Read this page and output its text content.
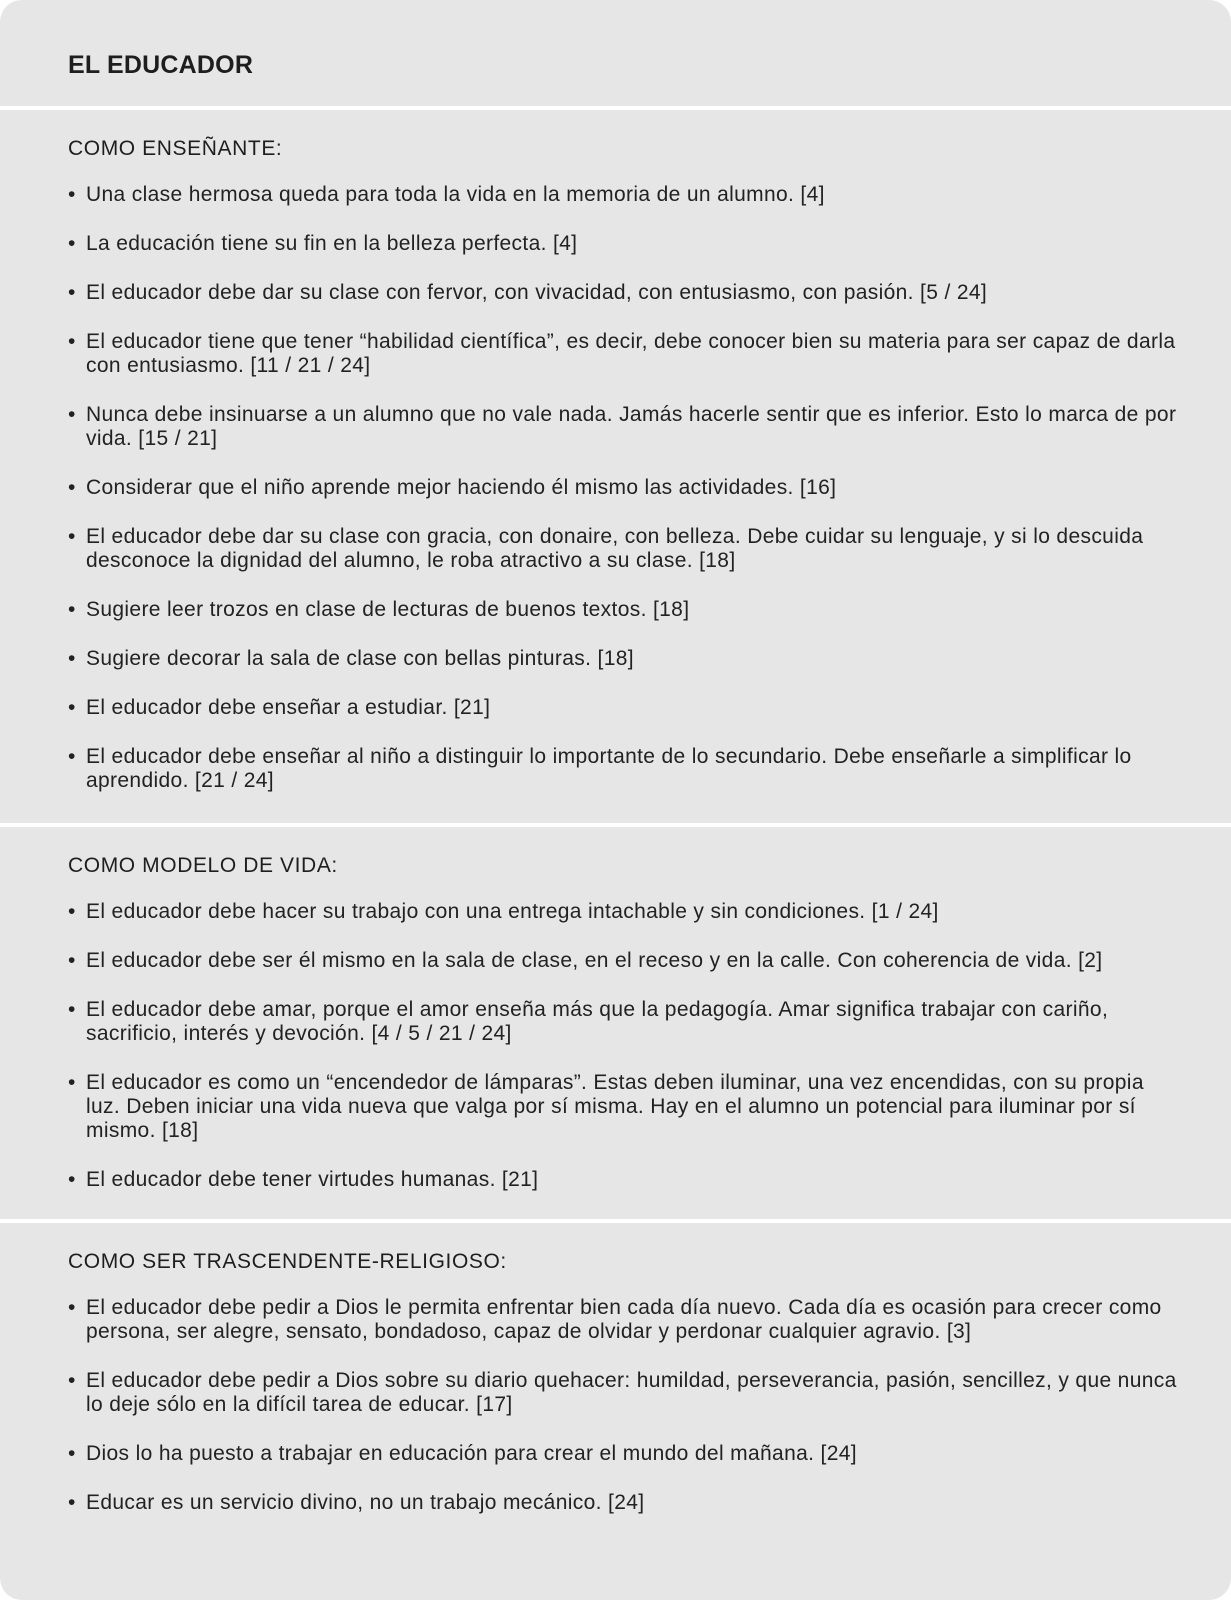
EL EDUCADOR
COMO ENSEÑANTE:
• Una clase hermosa queda para toda la vida en la memoria de un alumno. [4]
• La educación tiene su fin en la belleza perfecta. [4]
• El educador debe dar su clase con fervor, con vivacidad, con entusiasmo, con pasión. [5 / 24]
• El educador tiene que tener “habilidad científica”, es decir, debe conocer bien su materia para ser capaz de darla con entusiasmo. [11 / 21 / 24]
• Nunca debe insinuarse a un alumno que no vale nada. Jamás hacerle sentir que es inferior. Esto lo marca de por vida. [15 / 21]
• Considerar que el niño aprende mejor haciendo él mismo las actividades. [16]
• El educador debe dar su clase con gracia, con donaire, con belleza. Debe cuidar su lenguaje, y si lo descuida desconoce la dignidad del alumno, le roba atractivo a su clase. [18]
• Sugiere leer trozos en clase de lecturas de buenos textos. [18]
• Sugiere decorar la sala de clase con bellas pinturas. [18]
• El educador debe enseñar a estudiar. [21]
• El educador debe enseñar al niño a distinguir lo importante de lo secundario. Debe enseñarle a simplificar lo aprendido. [21 / 24]
COMO MODELO DE VIDA:
• El educador debe hacer su trabajo con una entrega intachable y sin condiciones. [1 / 24]
• El educador debe ser él mismo en la sala de clase, en el receso y en la calle. Con coherencia de vida. [2]
• El educador debe amar, porque el amor enseña más que la pedagogía. Amar significa trabajar con cariño, sacrificio, interés y devoción. [4 / 5 / 21 / 24]
• El educador es como un “encendedor de lámparas”. Estas deben iluminar, una vez encendidas, con su propia luz. Deben iniciar una vida nueva que valga por sí misma. Hay en el alumno un potencial para iluminar por sí mismo. [18]
• El educador debe tener virtudes humanas. [21]
COMO SER TRASCENDENTE-RELIGIOSO:
• El educador debe pedir a Dios le permita enfrentar bien cada día nuevo. Cada día es ocasión para crecer como persona, ser alegre, sensato, bondadoso, capaz de olvidar y perdonar cualquier agravio. [3]
• El educador debe pedir a Dios sobre su diario quehacer: humildad, perseverancia, pasión, sencillez, y que nunca lo deje sólo en la difícil tarea de educar. [17]
• Dios lo ha puesto a trabajar en educación para crear el mundo del mañana. [24]
• Educar es un servicio divino, no un trabajo mecánico. [24]
